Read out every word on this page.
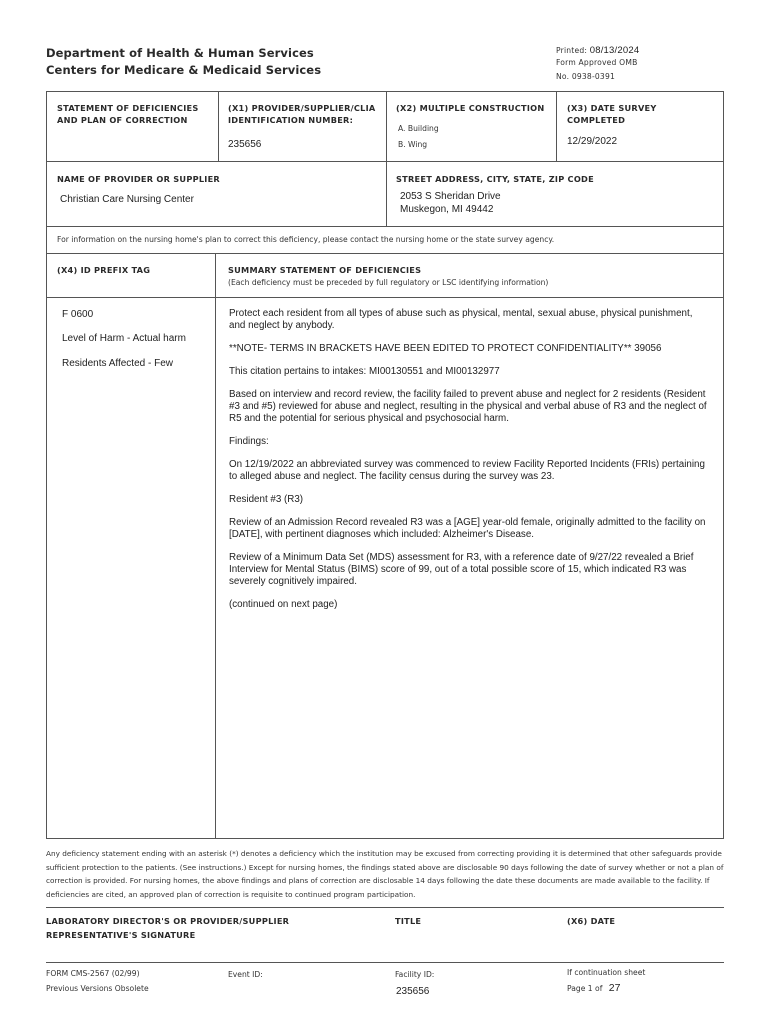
Department of Health & Human Services
Centers for Medicare & Medicaid Services
Printed: 08/13/2024
Form Approved OMB
No. 0938-0391
STATEMENT OF DEFICIENCIES
AND PLAN OF CORRECTION
(X1) PROVIDER/SUPPLIER/CLIA
IDENTIFICATION NUMBER:
235656
(X2) MULTIPLE CONSTRUCTION
A. Building
B. Wing
(X3) DATE SURVEY
COMPLETED
12/29/2022
NAME OF PROVIDER OR SUPPLIER
Christian Care Nursing Center
STREET ADDRESS, CITY, STATE, ZIP CODE
2053 S Sheridan Drive
Muskegon, MI 49442
For information on the nursing home's plan to correct this deficiency, please contact the nursing home or the state survey agency.
(X4) ID PREFIX TAG	SUMMARY STATEMENT OF DEFICIENCIES
(Each deficiency must be preceded by full regulatory or LSC identifying information)
F 0600
Level of Harm - Actual harm
Residents Affected - Few

Protect each resident from all types of abuse such as physical, mental, sexual abuse, physical punishment, and neglect by anybody.

**NOTE- TERMS IN BRACKETS HAVE BEEN EDITED TO PROTECT CONFIDENTIALITY** 39056

This citation pertains to intakes: MI00130551 and MI00132977

Based on interview and record review, the facility failed to prevent abuse and neglect for 2 residents (Resident #3 and #5) reviewed for abuse and neglect, resulting in the physical and verbal abuse of R3 and the neglect of R5 and the potential for serious physical and psychosocial harm.

Findings:

On 12/19/2022 an abbreviated survey was commenced to review Facility Reported Incidents (FRIs) pertaining to alleged abuse and neglect. The facility census during the survey was 23.

Resident #3 (R3)

Review of an Admission Record revealed R3 was a [AGE] year-old female, originally admitted to the facility on [DATE], with pertinent diagnoses which included: Alzheimer's Disease.

Review of a Minimum Data Set (MDS) assessment for R3, with a reference date of 9/27/22 revealed a Brief Interview for Mental Status (BIMS) score of 99, out of a total possible score of 15, which indicated R3 was severely cognitively impaired.

(continued on next page)

Any deficiency statement ending with an asterisk (*) denotes a deficiency which the institution may be excused from correcting providing it is determined that other safeguards provide sufficient protection to the patients. (See instructions.) Except for nursing homes, the findings stated above are disclosable 90 days following the date of survey whether or not a plan of correction is provided. For nursing homes, the above findings and plans of correction are disclosable 14 days following the date these documents are made available to the facility. If deficiencies are cited, an approved plan of correction is requisite to continued program participation.
LABORATORY DIRECTOR'S OR PROVIDER/SUPPLIER
REPRESENTATIVE'S SIGNATURE
TITLE	(X6) DATE
FORM CMS-2567 (02/99)
Previous Versions Obsolete
Event ID:	Facility ID:
235656
If continuation sheet
Page 1 of 27
